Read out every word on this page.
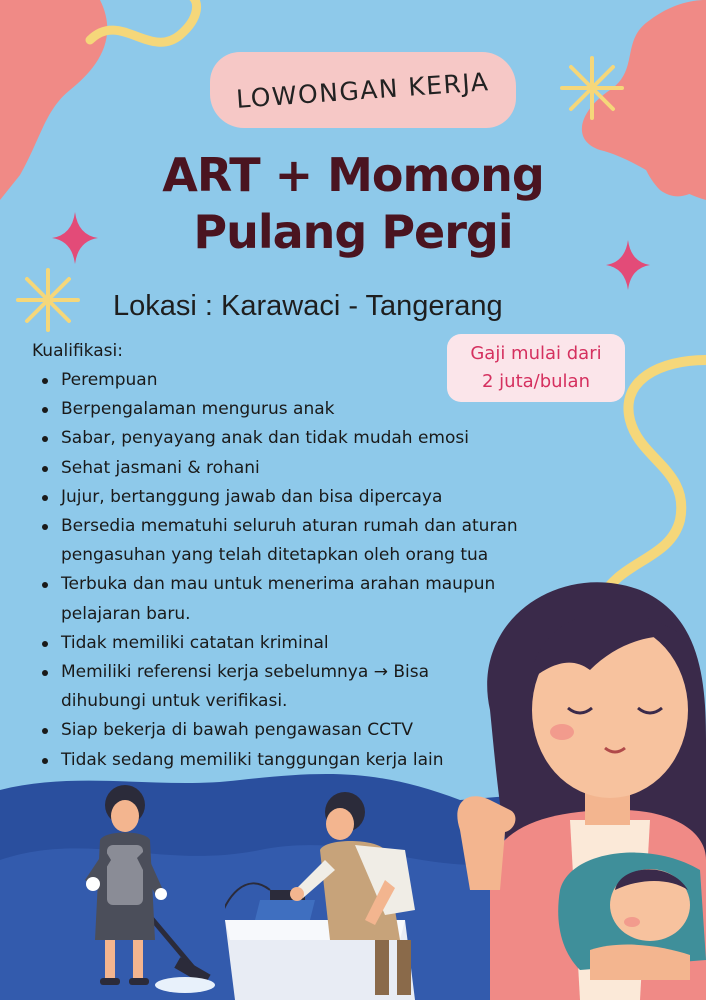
LOWONGAN KERJA
ART + Momong
Pulang Pergi
Lokasi : Karawaci - Tangerang
Gaji mulai dari
2 juta/bulan
Kualifikasi:
Perempuan
Berpengalaman mengurus anak
Sabar, penyayang anak dan tidak mudah emosi
Sehat jasmani & rohani
Jujur, bertanggung jawab dan bisa dipercaya
Bersedia mematuhi seluruh aturan rumah dan aturan pengasuhan yang telah ditetapkan oleh orang tua
Terbuka dan mau untuk menerima arahan maupun pelajaran baru.
Tidak memiliki catatan kriminal
Memiliki referensi kerja sebelumnya → Bisa dihubungi untuk verifikasi.
Siap bekerja di bawah pengawasan CCTV
Tidak sedang memiliki tanggungan kerja lain
